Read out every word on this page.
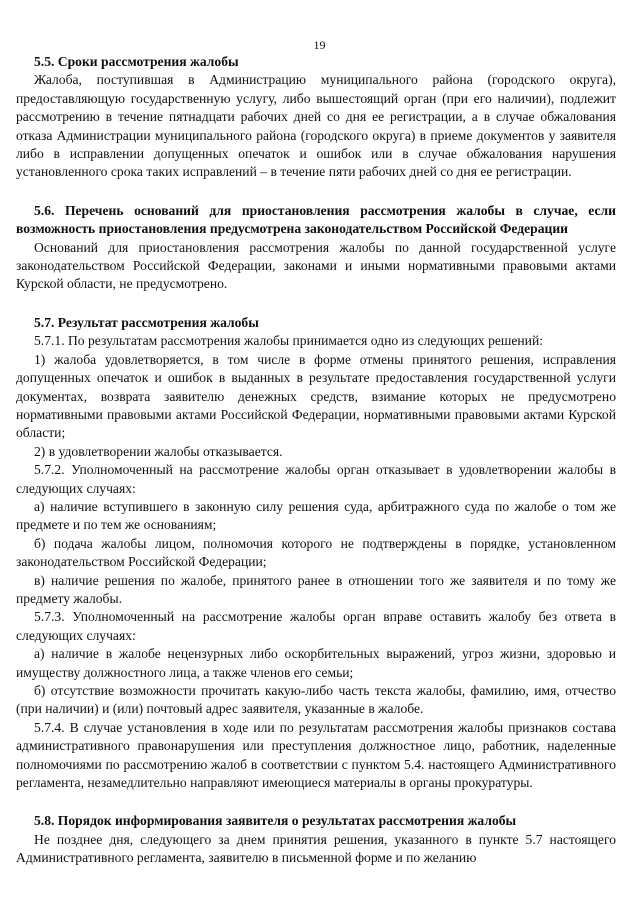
19

5.5. Сроки рассмотрения жалобы

Жалоба, поступившая в Администрацию муниципального района (городского округа), предоставляющую государственную услугу, либо вышестоящий орган (при его наличии), подлежит рассмотрению в течение пятнадцати рабочих дней со дня ее регистрации, а в случае обжалования отказа Администрации муниципального района (городского округа) в приеме документов у заявителя либо в исправлении допущенных опечаток и ошибок или в случае обжалования нарушения установленного срока таких исправлений – в течение пяти рабочих дней со дня ее регистрации.

5.6. Перечень оснований для приостановления рассмотрения жалобы в случае, если возможность приостановления предусмотрена законодательством Российской Федерации

Оснований для приостановления рассмотрения жалобы по данной государственной услуге законодательством Российской Федерации, законами и иными нормативными правовыми актами Курской области, не предусмотрено.

5.7. Результат рассмотрения жалобы

5.7.1. По результатам рассмотрения жалобы принимается одно из следующих решений:

1) жалоба удовлетворяется, в том числе в форме отмены принятого решения, исправления допущенных опечаток и ошибок в выданных в результате предоставления государственной услуги документах, возврата заявителю денежных средств, взимание которых не предусмотрено нормативными правовыми актами Российской Федерации, нормативными правовыми актами Курской области;

2) в удовлетворении жалобы отказывается.

5.7.2. Уполномоченный на рассмотрение жалобы орган отказывает в удовлетворении жалобы в следующих случаях:

а) наличие вступившего в законную силу решения суда, арбитражного суда по жалобе о том же предмете и по тем же основаниям;

б) подача жалобы лицом, полномочия которого не подтверждены в порядке, установленном законодательством Российской Федерации;

в) наличие решения по жалобе, принятого ранее в отношении того же заявителя и по тому же предмету жалобы.

5.7.3. Уполномоченный на рассмотрение жалобы орган вправе оставить жалобу без ответа в следующих случаях:

а) наличие в жалобе нецензурных либо оскорбительных выражений, угроз жизни, здоровью и имуществу должностного лица, а также членов его семьи;

б) отсутствие возможности прочитать какую-либо часть текста жалобы, фамилию, имя, отчество (при наличии) и (или) почтовый адрес заявителя, указанные в жалобе.

5.7.4. В случае установления в ходе или по результатам рассмотрения жалобы признаков состава административного правонарушения или преступления должностное лицо, работник, наделенные полномочиями по рассмотрению жалоб в соответствии с пунктом 5.4. настоящего Административного регламента, незамедлительно направляют имеющиеся материалы в органы прокуратуры.

5.8. Порядок информирования заявителя о результатах рассмотрения жалобы

Не позднее дня, следующего за днем принятия решения, указанного в пункте 5.7 настоящего Административного регламента, заявителю в письменной форме и по желанию
